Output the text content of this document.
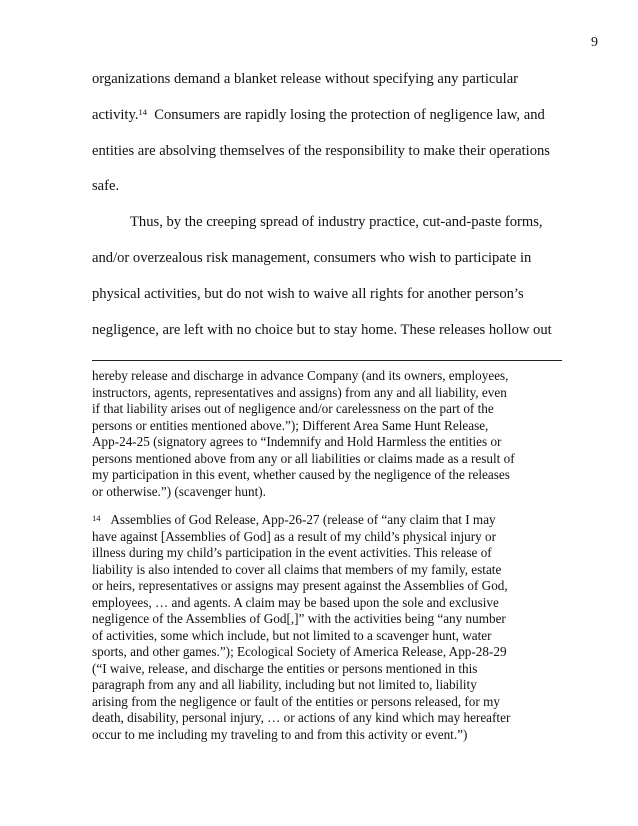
9
organizations demand a blanket release without specifying any particular
activity.$^{14}$ Consumers are rapidly losing the protection of negligence law, and
entities are absolving themselves of the responsibility to make their operations
safe.
Thus, by the creeping spread of industry practice, cut-and-paste forms,
and/or overzealous risk management, consumers who wish to participate in
physical activities, but do not wish to waive all rights for another person’s
negligence, are left with no choice but to stay home. These releases hollow out
hereby release and discharge in advance Company (and its owners, employees,
instructors, agents, representatives and assigns) from any and all liability, even
if that liability arises out of negligence and/or carelessness on the part of the
persons or entities mentioned above.”); Different Area Same Hunt Release,
App-24-25 (signatory agrees to “Indemnify and Hold Harmless the entities or
persons mentioned above from any or all liabilities or claims made as a result of
my participation in this event, whether caused by the negligence of the releases
or otherwise.”) (scavenger hunt).
$^{14}$ Assemblies of God Release, App-26-27 (release of “any claim that I may
have against [Assemblies of God] as a result of my child’s physical injury or
illness during my child’s participation in the event activities. This release of
liability is also intended to cover all claims that members of my family, estate
or heirs, representatives or assigns may present against the Assemblies of God,
employees, … and agents. A claim may be based upon the sole and exclusive
negligence of the Assemblies of God[,]” with the activities being “any number
of activities, some which include, but not limited to a scavenger hunt, water
sports, and other games.”); Ecological Society of America Release, App-28-29
(“I waive, release, and discharge the entities or persons mentioned in this
paragraph from any and all liability, including but not limited to, liability
arising from the negligence or fault of the entities or persons released, for my
death, disability, personal injury, … or actions of any kind which may hereafter
occur to me including my traveling to and from this activity or event.”)
